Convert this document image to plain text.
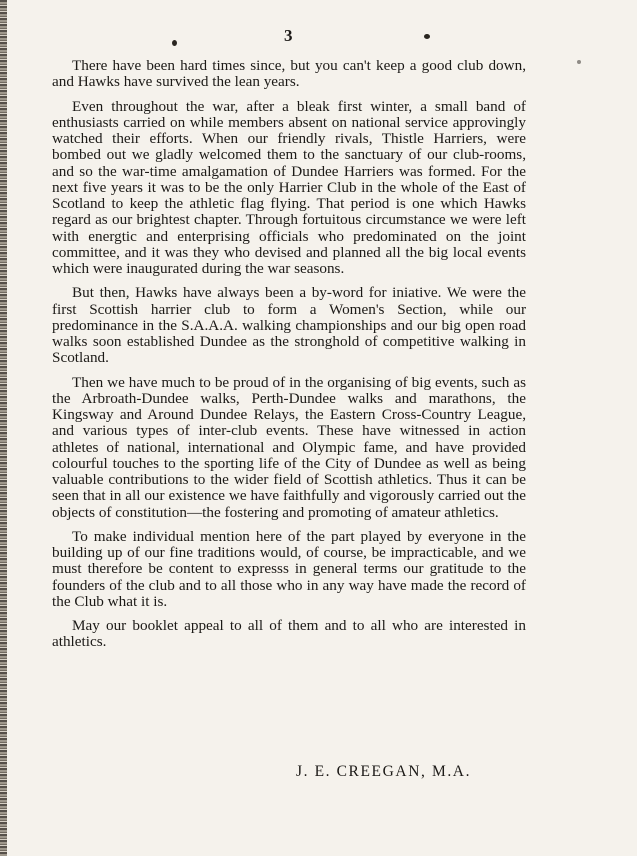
3

There have been hard times since, but you can't keep a good club down, and Hawks have survived the lean years.

Even throughout the war, after a bleak first winter, a small band of enthusiasts carried on while members absent on national service approvingly watched their efforts. When our friendly rivals, Thistle Harriers, were bombed out we gladly welcomed them to the sanctuary of our club-rooms, and so the war-time amalgamation of Dundee Harriers was formed. For the next five years it was to be the only Harrier Club in the whole of the East of Scotland to keep the athletic flag flying. That period is one which Hawks regard as our brightest chapter. Through fortuitous circumstance we were left with energtic and enterprising officials who predominated on the joint committee, and it was they who devised and planned all the big local events which were inaugurated during the war seasons.

But then, Hawks have always been a by-word for iniative. We were the first Scottish harrier club to form a Women's Section, while our predominance in the S.A.A.A. walking championships and our big open road walks soon established Dundee as the stronghold of competitive walking in Scotland.

Then we have much to be proud of in the organising of big events, such as the Arbroath-Dundee walks, Perth-Dundee walks and marathons, the Kingsway and Around Dundee Relays, the Eastern Cross-Country League, and various types of inter-club events. These have witnessed in action athletes of national, international and Olympic fame, and have provided colourful touches to the sporting life of the City of Dundee as well as being valuable contributions to the wider field of Scottish athletics. Thus it can be seen that in all our existence we have faithfully and vigorously carried out the objects of constitution—the fostering and promoting of amateur athletics.

To make individual mention here of the part played by everyone in the building up of our fine traditions would, of course, be impracticable, and we must therefore be content to expresss in general terms our gratitude to the founders of the club and to all those who in any way have made the record of the Club what it is.

May our booklet appeal to all of them and to all who are interested in athletics.

J. E. CREEGAN, M.A.
